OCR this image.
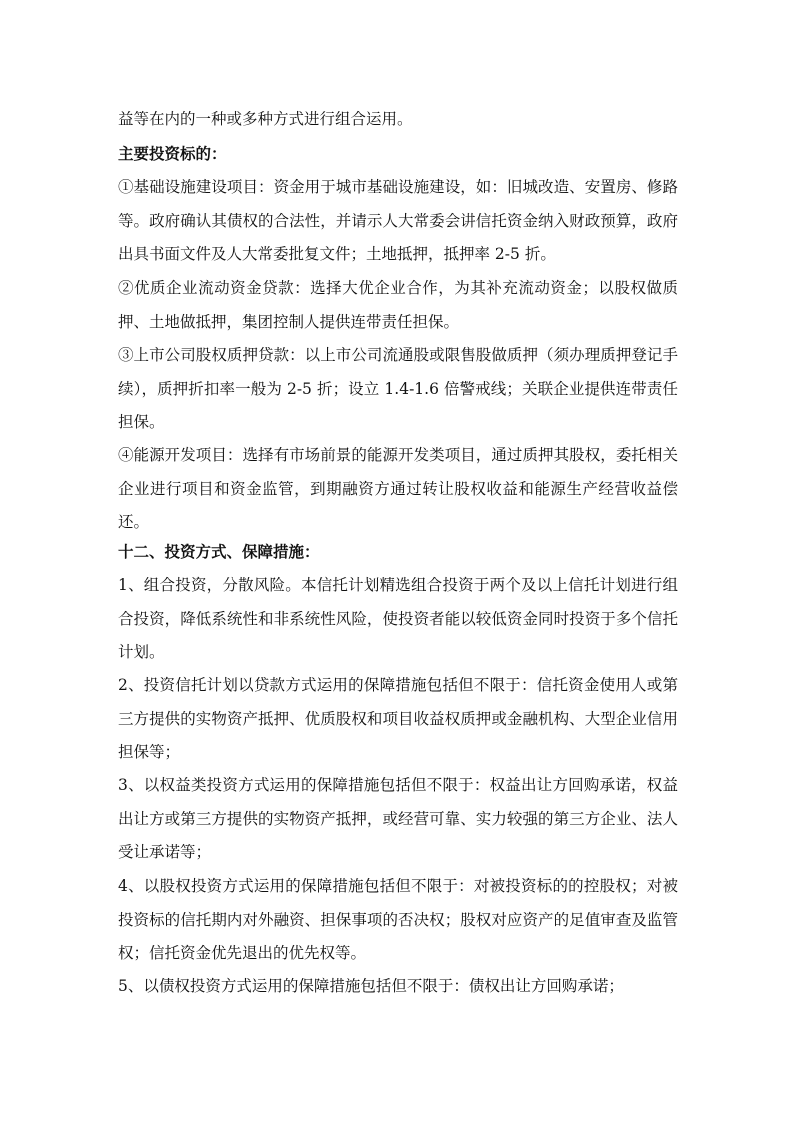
益等在内的一种或多种方式进行组合运用。

主要投资标的：

①基础设施建设项目：资金用于城市基础设施建设，如：旧城改造、安置房、修路等。政府确认其债权的合法性，并请示人大常委会讲信托资金纳入财政预算，政府出具书面文件及人大常委批复文件；土地抵押，抵押率 2-5 折。

②优质企业流动资金贷款：选择大优企业合作，为其补充流动资金；以股权做质押、土地做抵押，集团控制人提供连带责任担保。

③上市公司股权质押贷款：以上市公司流通股或限售股做质押（须办理质押登记手续），质押折扣率一般为 2-5 折；设立 1.4-1.6 倍警戒线；关联企业提供连带责任担保。

④能源开发项目：选择有市场前景的能源开发类项目，通过质押其股权，委托相关企业进行项目和资金监管，到期融资方通过转让股权收益和能源生产经营收益偿还。

十二、投资方式、保障措施：

1、组合投资，分散风险。本信托计划精选组合投资于两个及以上信托计划进行组合投资，降低系统性和非系统性风险，使投资者能以较低资金同时投资于多个信托计划。

2、投资信托计划以贷款方式运用的保障措施包括但不限于：信托资金使用人或第三方提供的实物资产抵押、优质股权和项目收益权质押或金融机构、大型企业信用担保等；

3、以权益类投资方式运用的保障措施包括但不限于：权益出让方回购承诺，权益出让方或第三方提供的实物资产抵押，或经营可靠、实力较强的第三方企业、法人受让承诺等；

4、以股权投资方式运用的保障措施包括但不限于：对被投资标的的控股权；对被投资标的信托期内对外融资、担保事项的否决权；股权对应资产的足值审查及监管权；信托资金优先退出的优先权等。

5、以债权投资方式运用的保障措施包括但不限于：债权出让方回购承诺；
